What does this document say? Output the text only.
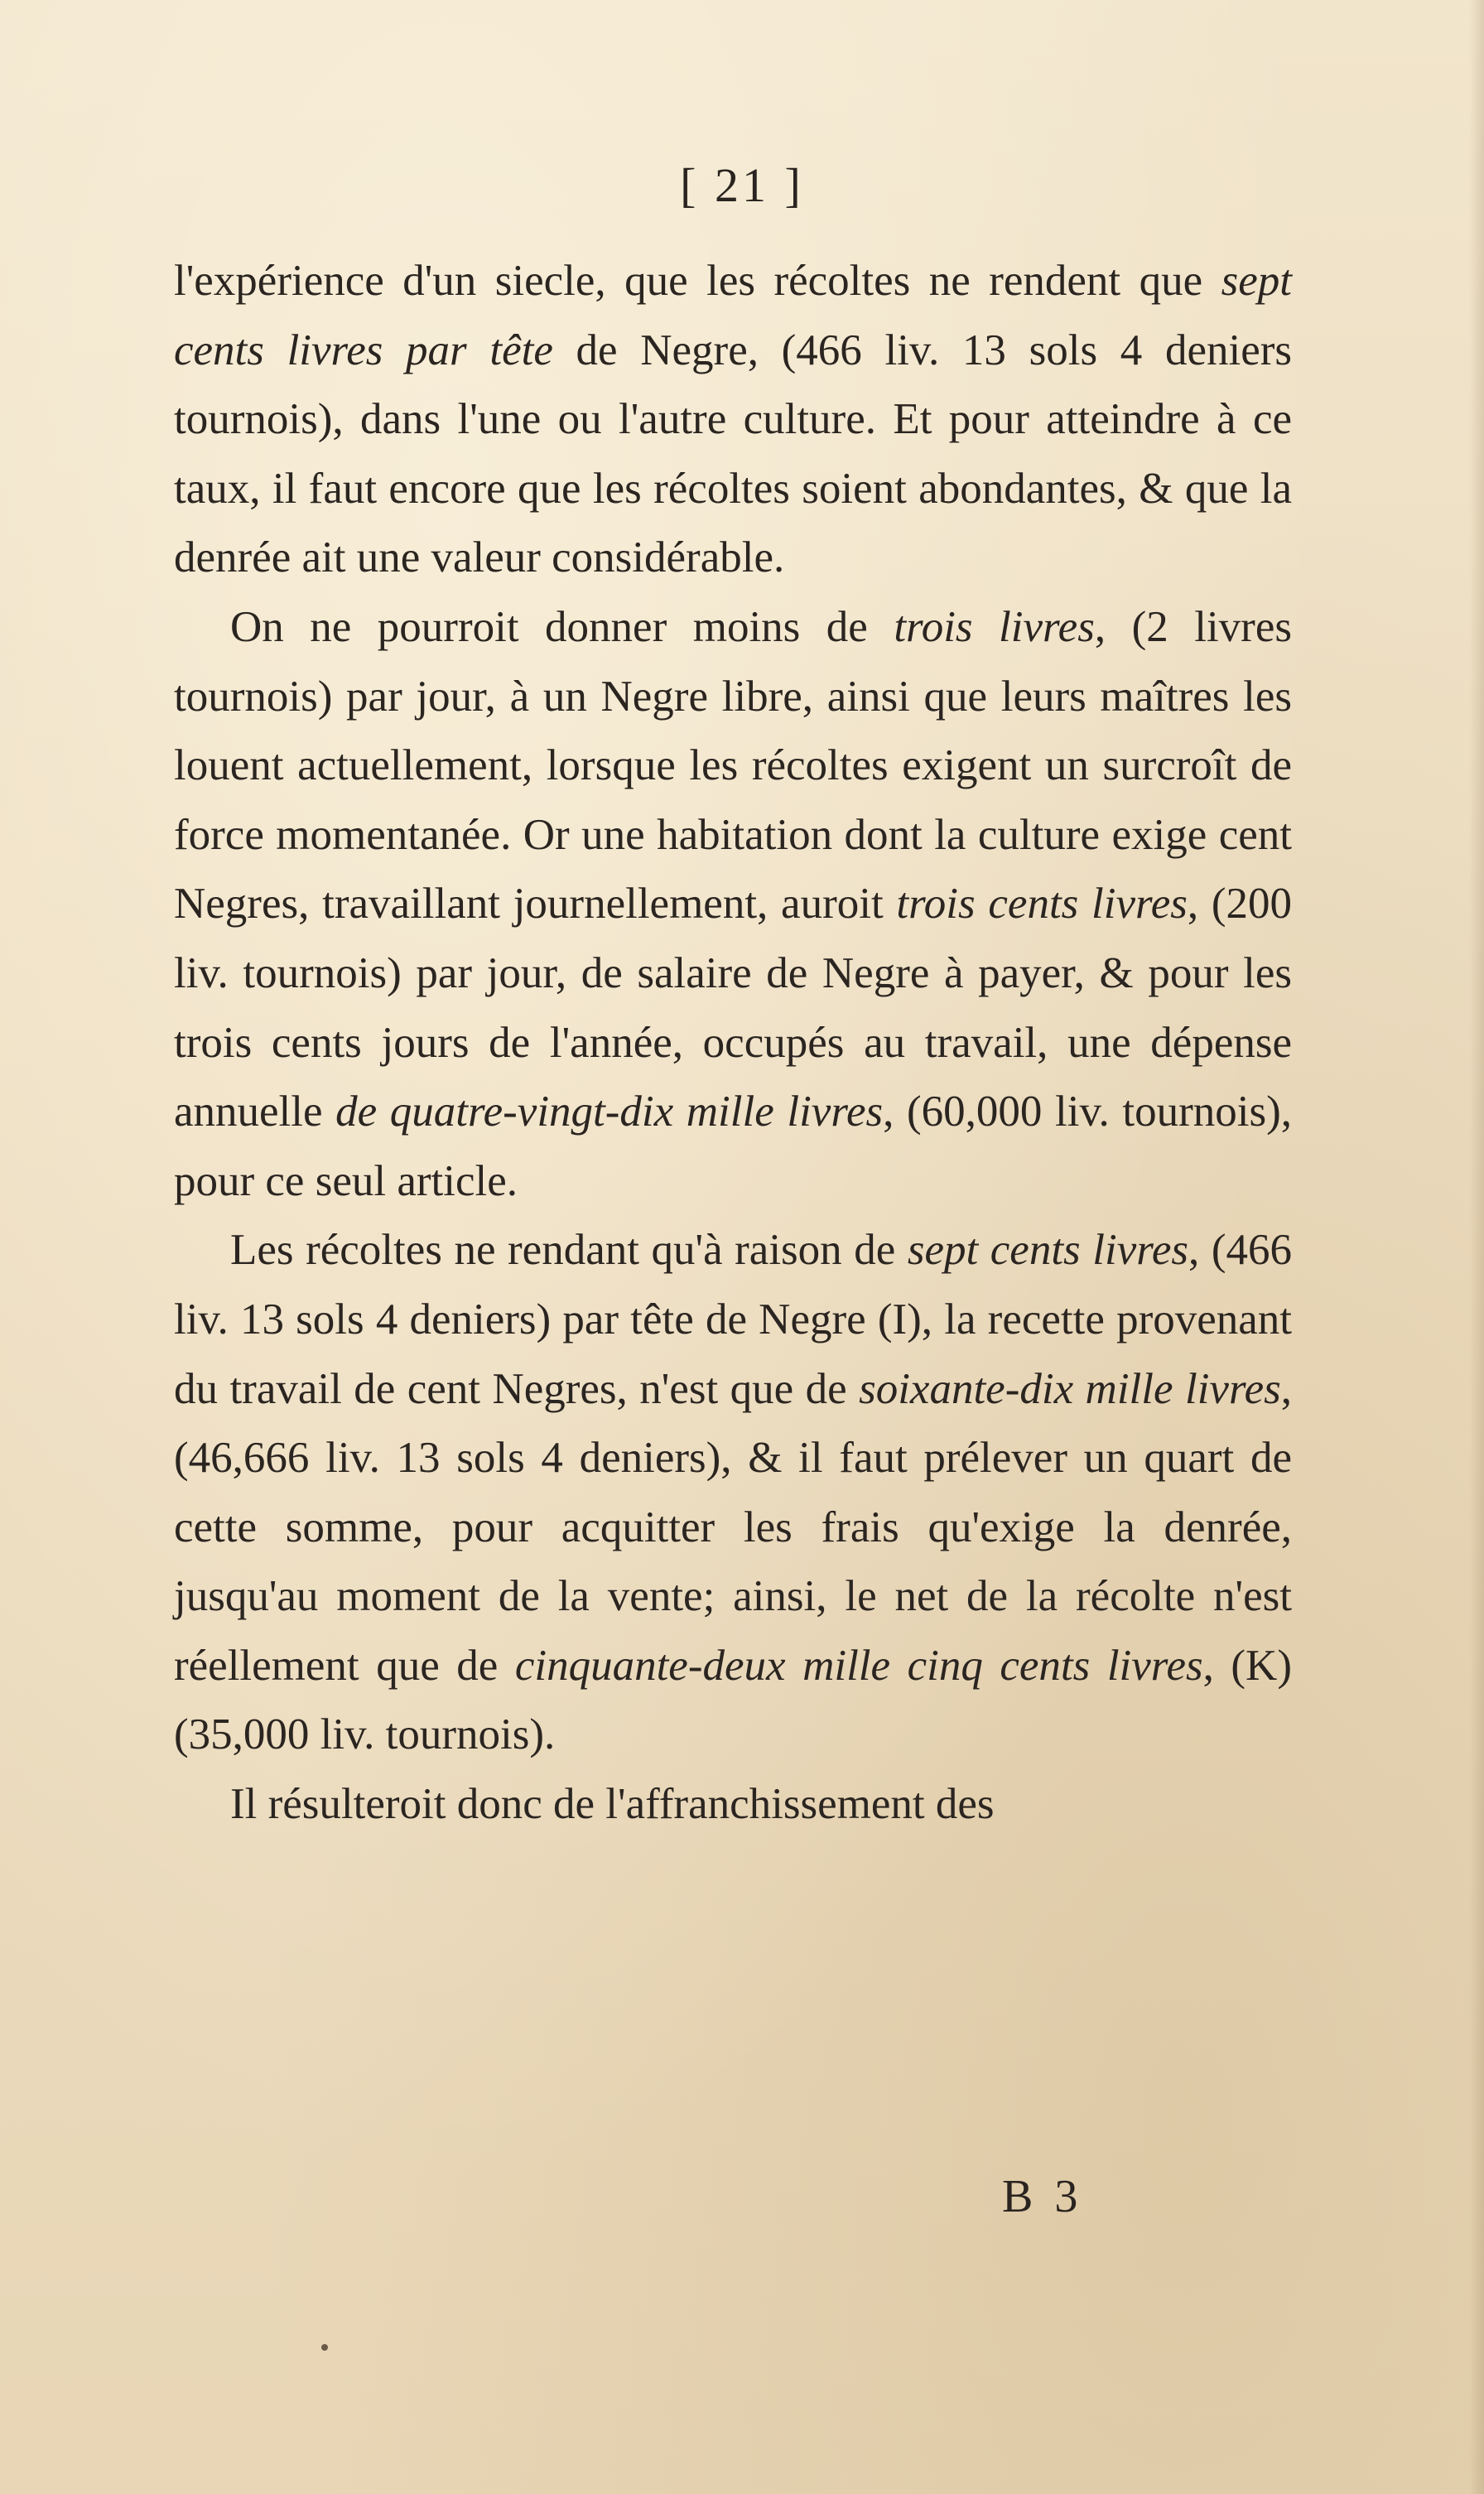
[ 21 ]

l'expérience d'un siecle, que les récoltes ne rendent que sept cents livres par tête de Negre, (466 liv. 13 sols 4 deniers tournois), dans l'une ou l'autre culture. Et pour atteindre à ce taux, il faut encore que les récoltes soient abondantes, & que la denrée ait une valeur considérable.

On ne pourroit donner moins de trois livres, (2 livres tournois) par jour, à un Negre libre, ainsi que leurs maîtres les louent actuellement, lorsque les récoltes exigent un surcroît de force momentanée. Or une habitation dont la culture exige cent Negres, travaillant journellement, auroit trois cents livres, (200 liv. tournois) par jour, de salaire de Negre à payer, & pour les trois cents jours de l'année, occupés au travail, une dépense annuelle de quatre-vingt-dix mille livres, (60,000 liv. tournois), pour ce seul article.

Les récoltes ne rendant qu'à raison de sept cents livres, (466 liv. 13 sols 4 deniers) par tête de Negre (I), la recette provenant du travail de cent Negres, n'est que de soixante-dix mille livres, (46,666 liv. 13 sols 4 deniers), & il faut prélever un quart de cette somme, pour acquitter les frais qu'exige la denrée, jusqu'au moment de la vente; ainsi, le net de la récolte n'est réellement que de cinquante-deux mille cinq cents livres, (K) (35,000 liv. tournois).

Il résulteroit donc de l'affranchissement des

B 3
